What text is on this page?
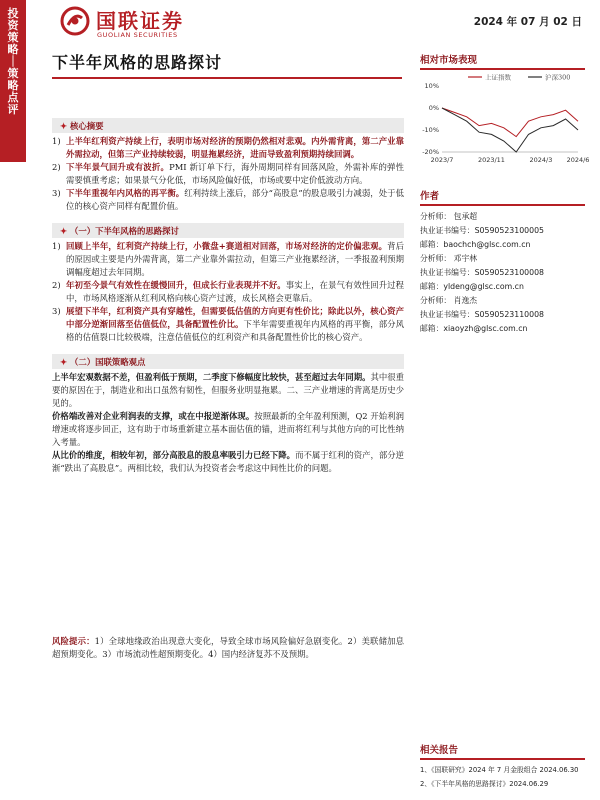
投
资
策
略
｜
策
略
点
评
国联证券
GUOLIAN SECURITIES
2024 年 07 月 02 日
下半年风格的思路探讨
✦ 核心摘要
1) 上半年红利资产持续上行，表明市场对经济的预期仍然相对悲观。内外需背离，第二产业靠外需拉动，但第三产业持续较弱，明显拖累经济，进而导致盈利预期持续回调。
2) 下半年景气回升或有波折。PMI 新订单下行，海外周期同样有回落风险，外需补库的弹性需要慎重考虑；如果景气分化低，市场风险偏好低，市场或要中定价低波动方向。
3) 下半年重视年内风格的再平衡。红利持续上涨后，部分“高股息”的股息吸引力减弱，处于低位的核心资产同样有配置价值。
✦ （一）下半年风格的思路探讨
1) 回顾上半年，红利资产持续上行，小微盘+赛道相对回落，市场对经济的定价偏悲观。背后的原因或主要是内外需背离，第二产业靠外需拉动，但第三产业拖累经济，一季报盈利预期调幅度超过去年同期。
2) 年初至今景气有效性在缓慢回升，但成长行业表现并不好。事实上，在景气有效性回升过程中，市场风格逐渐从红利风格向核心资产过渡，成长风格会更靠后。
3) 展望下半年，红利资产具有穿越性，但需要低估值的方向更有性价比；除此以外，核心资产中部分逆渐回落至估值低位，具备配置性价比。下半年需要重视年内风格的再平衡，部分风格的估值裂口比较极端，注意估值低位的红利资产和具备配置性价比的核心资产。
✦ （二）国联策略观点
上半年宏观数据不差，但盈利低于预期，二季度下修幅度比较快，甚至超过去年同期。其中很重要的原因在于，制造业和出口虽然有韧性，但服务业明显拖累。二、三产业增速的背离是历史少见的。
价格端改善对企业利润表的支撑，或在中报逆渐体现。按照最新的全年盈利预测，Q2 开始利润增速或将逐步回正，这有助于市场重新建立基本面估值的锚，进而将红利与其他方向的可比性纳入考量。
从比价的维度，相较年初，部分高股息的股息率吸引力已经下降。而不属于红利的资产，部分逆渐“跌出了高股息”。两相比较，我们认为投资者会考虑这中间性比价的问题。
风险提示：1）全球地缘政治出现意大变化，导致全球市场风险偏好急剧变化。2）美联储加息超预期变化。3）市场流动性超预期变化。4）国内经济复苏不及预期。
相对市场表现
上证指数	沪深300
10%
0%
-10%
-20%
2023/7	2023/11	2024/3 2024/6
作者
分析师： 包承超
执业证书编号：S0590523100005
邮箱：baochch@glsc.com.cn
分析师： 邓宇林
执业证书编号：S0590523100008
邮箱：yldeng@glsc.com.cn
分析师： 肖逸杰
执业证书编号：S0590523110008
邮箱：xiaoyzh@glsc.com.cn
相关报告
1、《国联研究》2024 年 7 月金股组合 2024.06.30
2、《下半年风格的思路探讨》2024.06.29
